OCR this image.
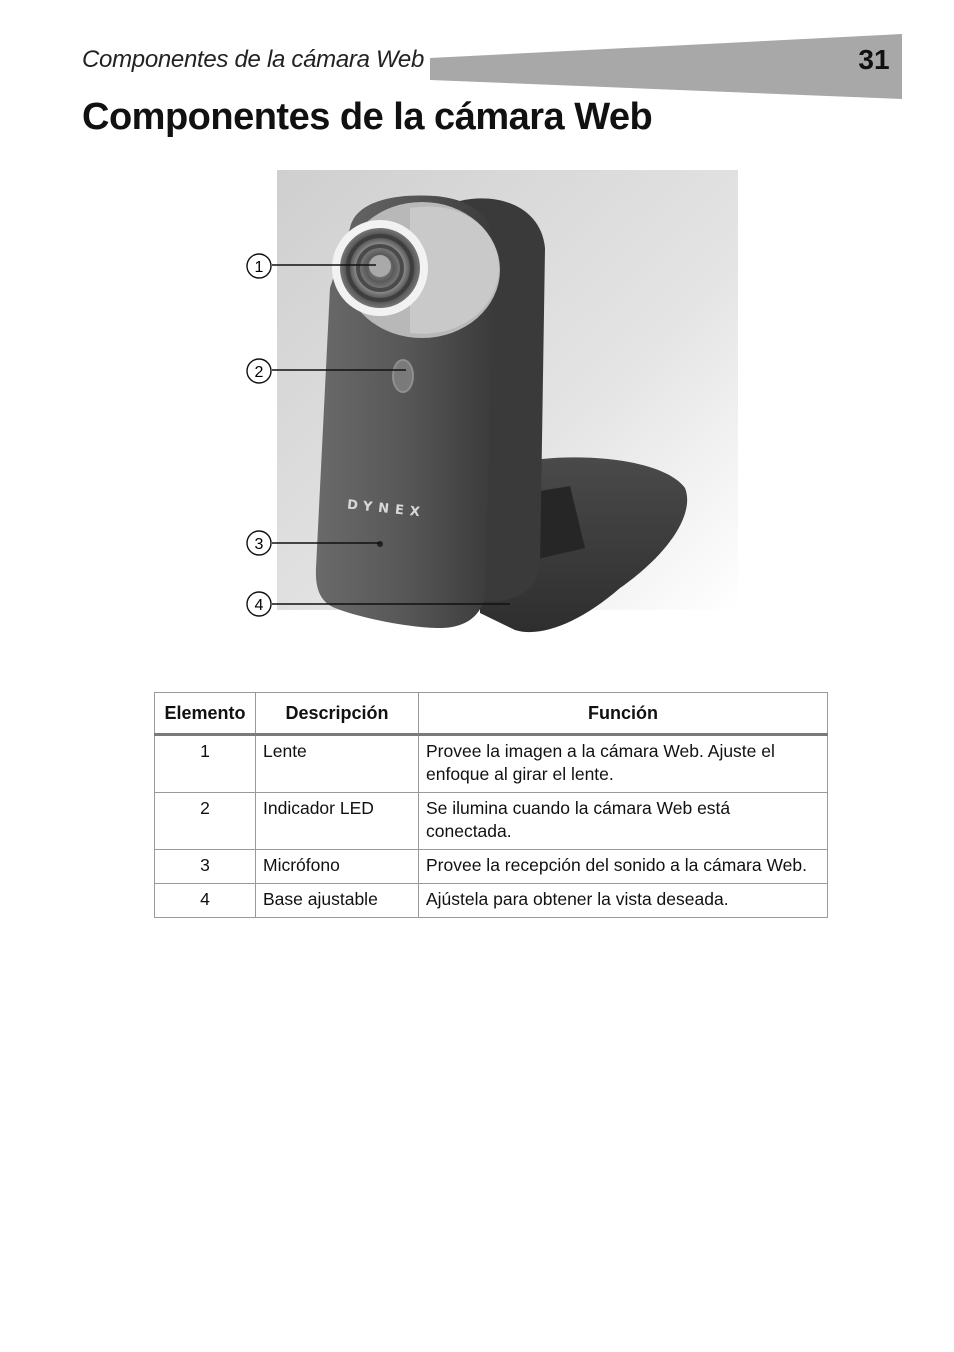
Componentes de la cámara Web	31
Componentes de la cámara Web
DYNEX
1
2
3
4
Elemento	Descripción	Función
1	Lente	Provee la imagen a la cámara Web. Ajuste el enfoque al girar el lente.
2	Indicador LED	Se ilumina cuando la cámara Web está conectada.
3	Micrófono	Provee la recepción del sonido a la cámara Web.
4	Base ajustable	Ajústela para obtener la vista deseada.
